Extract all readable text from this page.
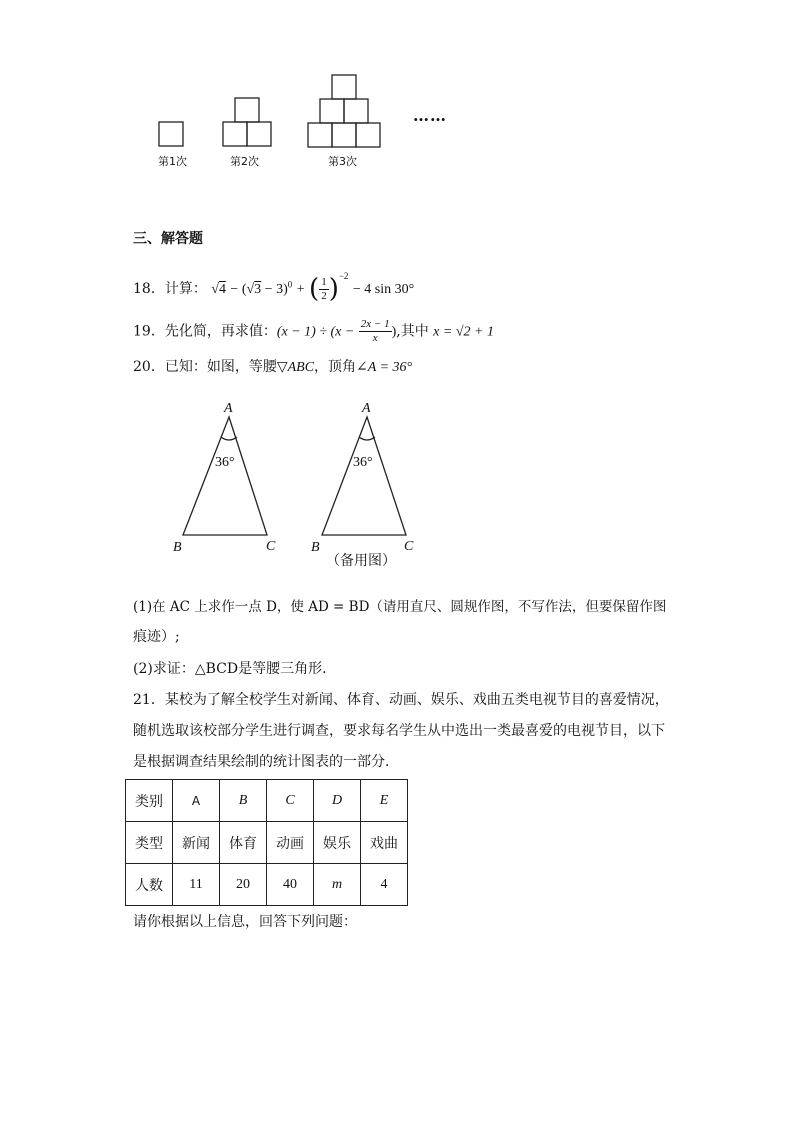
第1次	第2次	第3次
……
三、解答题
18．计算： $√4 - (√3 - 3)^0$ + ( $\frac{1}{2} )^{-2} - 4$ sin 30°
19．先化简，再求值：$(x - 1) \div (x - \frac{2x - 1}{x}$ ),其中 x = √2 + 1
20．已知：如图，等腰▽ABC，顶角∠A = 36°
A
36°
B	C
A
36°
B	C
（备用图）
(1)在 AC 上求作一点 D，使 AD = BD（请用直尺、圆规作图，不写作法，但要保留作图
痕迹）;
(2)求证：△BCD是等腰三角形．
21．某校为了解全校学生对新闻、体育、动画、娱乐、戏曲五类电视节目的喜爱情况，
随机选取该校部分学生进行调查，要求每名学生从中选出一类最喜爱的电视节目，以下
是根据调查结果绘制的统计图表的一部分．
类别	A	B	C	D	E
类型	新闻	体育	动画	娱乐	戏曲
人数	11	20	40	m	4
请你根据以上信息，回答下列问题：
